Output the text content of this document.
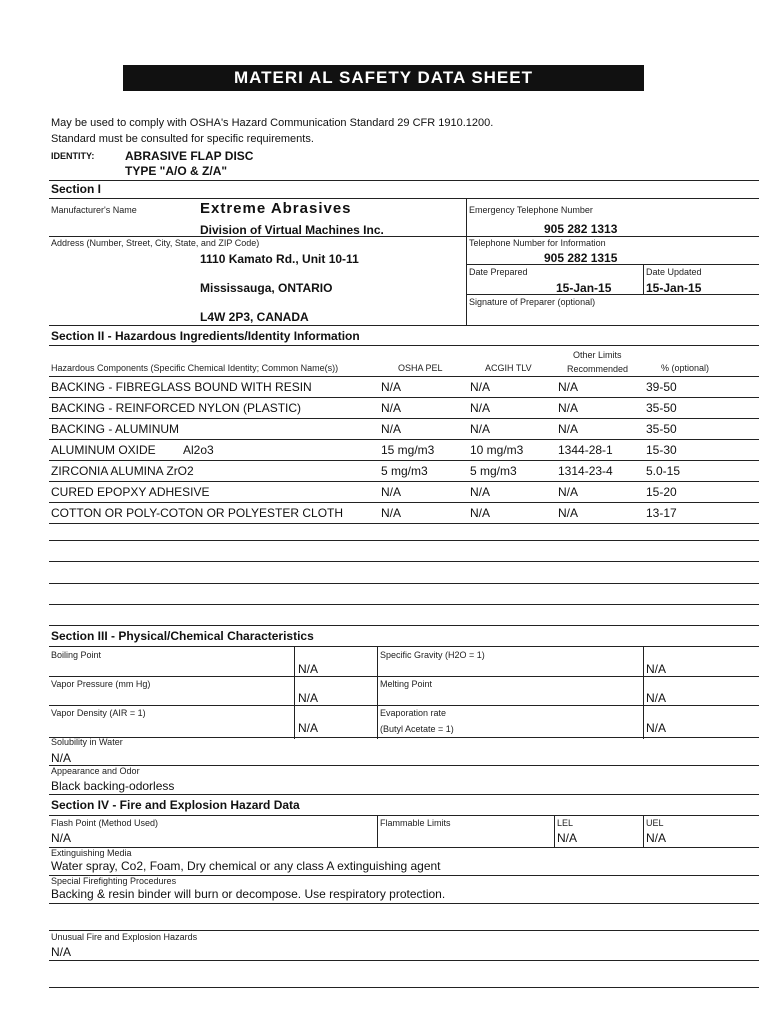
MATERI AL SAFETY DATA SHEET
May be used to comply with OSHA's Hazard Communication Standard 29 CFR 1910.1200.
Standard must be consulted for specific requirements.
IDENTITY:	ABRASIVE FLAP DISC
TYPE "A/O & Z/A"
Section I
Manufacturer's Name	Extreme Abrasives
Division of Virtual Machines Inc.
Address (Number, Street, City, State, and ZIP Code)
1110 Kamato Rd., Unit 10-11
Mississauga, ONTARIO
L4W 2P3, CANADA
Emergency Telephone Number
905 282 1313
Telephone Number for Information
905 282 1315
Date Prepared	Date Updated
15-Jan-15	15-Jan-15
Signature of Preparer (optional)
Section II - Hazardous Ingredients/Identity Information
Hazardous Components (Specific Chemical Identity; Common Name(s))	OSHA PEL	ACGIH TLV
Other Limits
Recommended	% (optional)
BACKING - FIBREGLASS BOUND WITH RESIN	N/A	N/A	N/A	39-50
BACKING - REINFORCED NYLON (PLASTIC)	N/A	N/A	N/A	35-50
BACKING - ALUMINUM	N/A	N/A	N/A	35-50
ALUMINUM OXIDE Al2o3	15 mg/m3	10 mg/m3	1344-28-1	15-30
ZIRCONIA ALUMINA ZrO2	5 mg/m3	5 mg/m3	1314-23-4	5.0-15
CURED EPOPXY ADHESIVE	N/A	N/A	N/A	15-20
COTTON OR POLY-COTON OR POLYESTER CLOTH	N/A	N/A	N/A	13-17
Section III - Physical/Chemical Characteristics
Boiling Point
N/A
Specific Gravity (H2O = 1)
N/A
Vapor Pressure (mm Hg)
N/A
Melting Point
N/A
Vapor Density (AIR = 1)
N/A
Evaporation rate
(Butyl Acetate = 1)	N/A
Solubility in Water
N/A
Appearance and Odor
Black backing-odorless
Section IV - Fire and Explosion Hazard Data
Flash Point (Method Used)
N/A
Flammable Limits	LEL
N/A
UEL
N/A
Extinguishing Media
Water spray, Co2, Foam, Dry chemical or any class A extinguishing agent
Special Firefighting Procedures
Backing & resin binder will burn or decompose. Use respiratory protection.
Unusual Fire and Explosion Hazards
N/A
